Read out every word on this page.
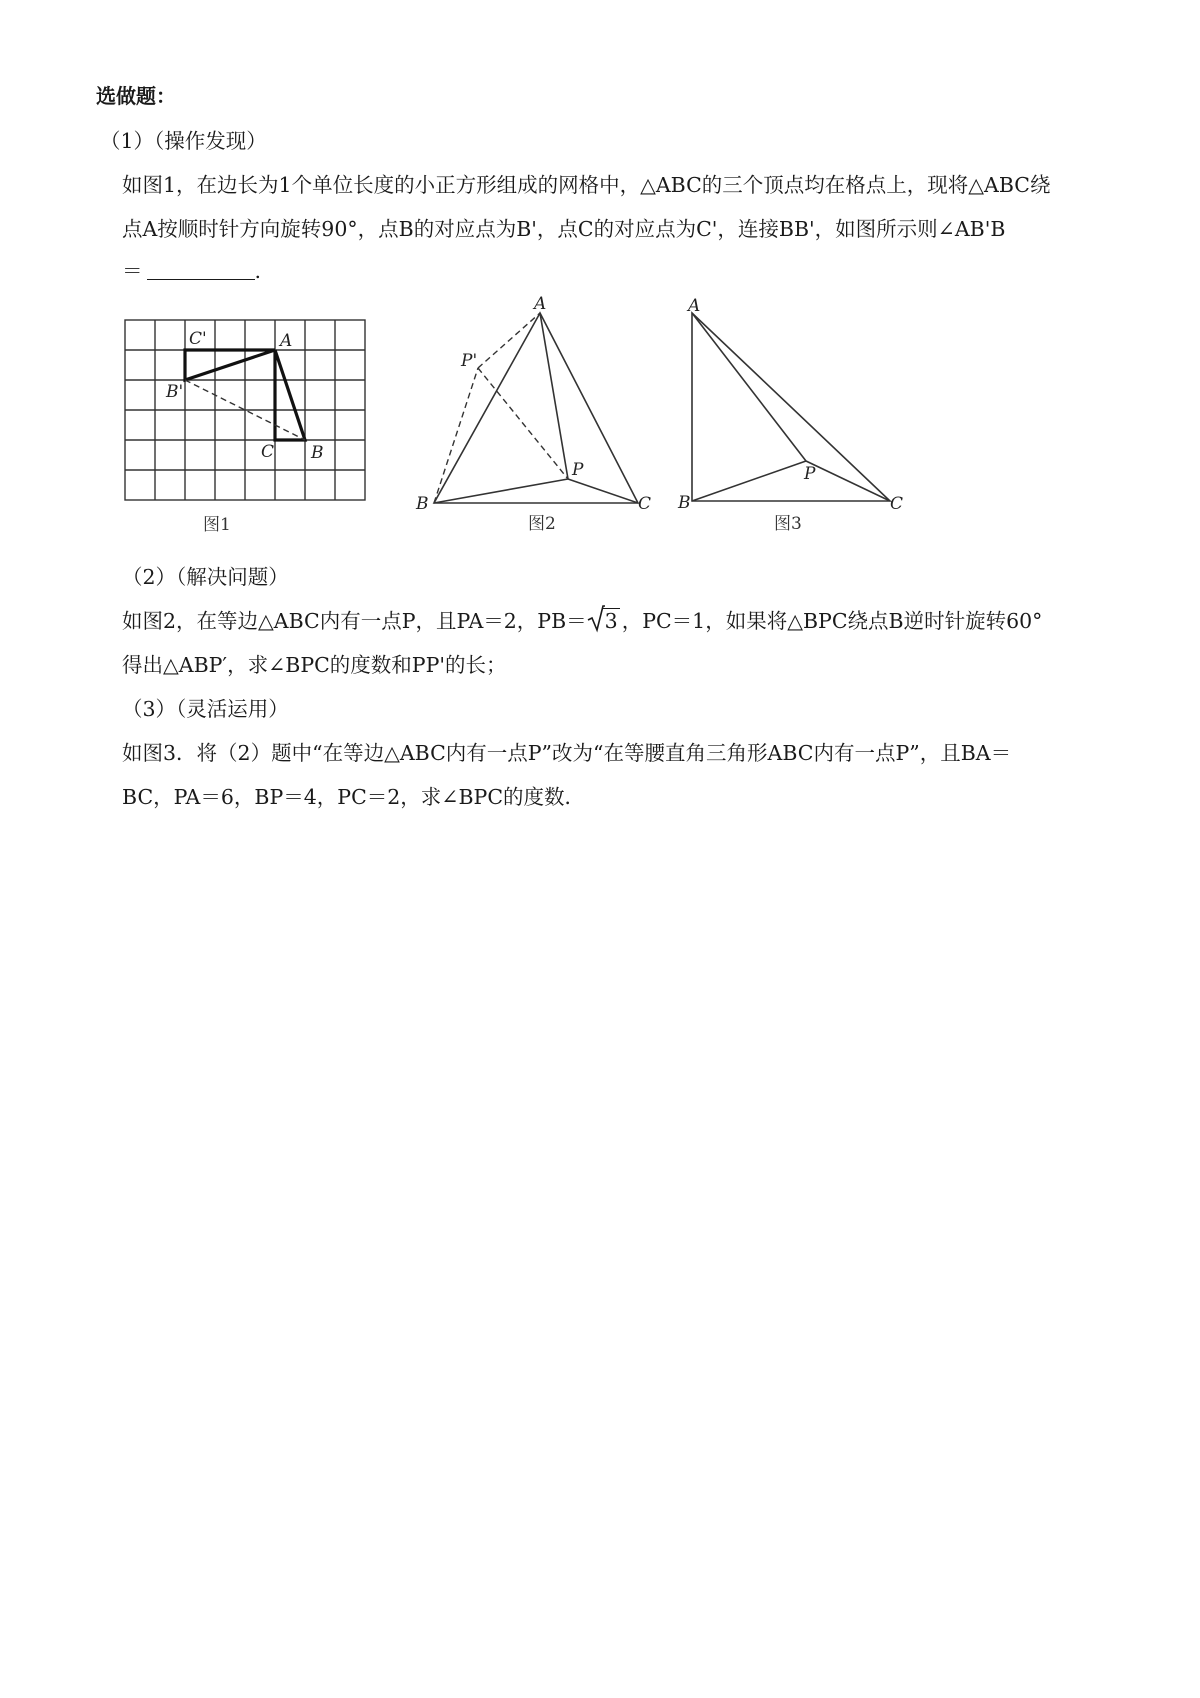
选做题：
（1）（操作发现）
如图1，在边长为1个单位长度的小正方形组成的网格中，△ABC的三个顶点均在格点上，现将△ABC绕
点A按顺时针方向旋转90°，点B的对应点为B'，点C的对应点为C'，连接BB'，如图所示则∠AB'B
＝	.
A
B
C
B'
C'
图1
A
B	C
P
P'
图2
A
B	C
P
图3
（2）（解决问题）
如图2，在等边△ABC内有一点P，且PA＝2，PB＝ 3 ，PC＝1，如果将△BPC绕点B逆时针旋转60°
得出△ABP′，求∠BPC的度数和PP'的长；
（3）（灵活运用）
如图3．将（2）题中“在等边△ABC内有一点P”改为“在等腰直角三角形ABC内有一点P”，且BA＝
BC，PA＝6，BP＝4，PC＝2，求∠BPC的度数．
